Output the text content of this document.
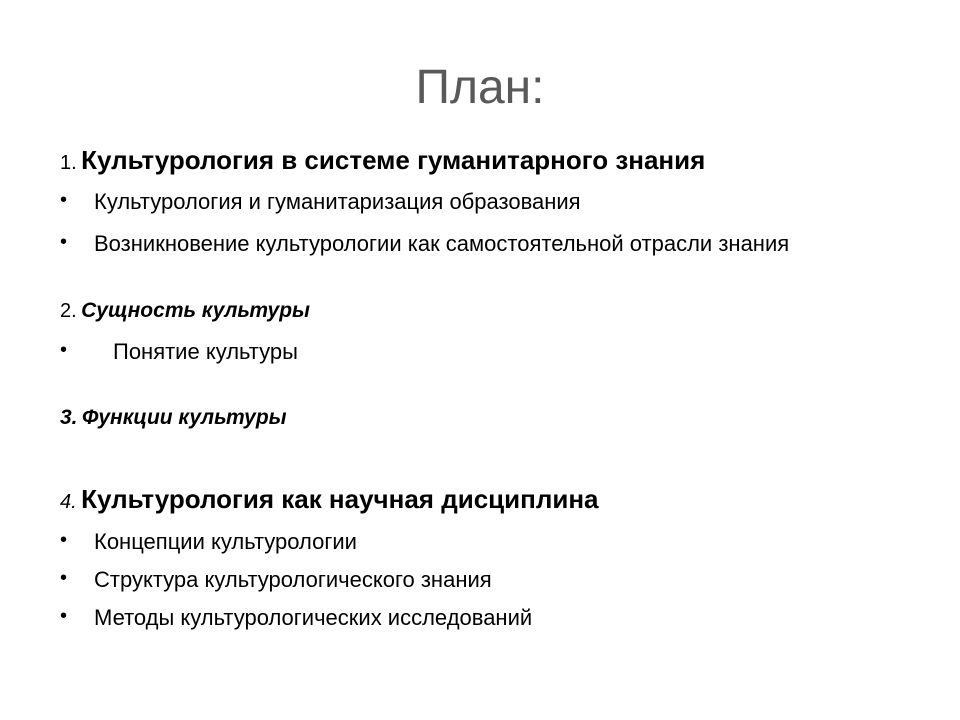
План:
1. Культурология в системе гуманитарного знания
• Культурология и гуманитаризация образования
• Возникновение культурологии как самостоятельной отрасли знания
2. Сущность культуры
• Понятие культуры
3. Функции культуры
4. Культурология как научная дисциплина
• Концепции культурологии
• Структура культурологического знания
• Методы культурологических исследований
